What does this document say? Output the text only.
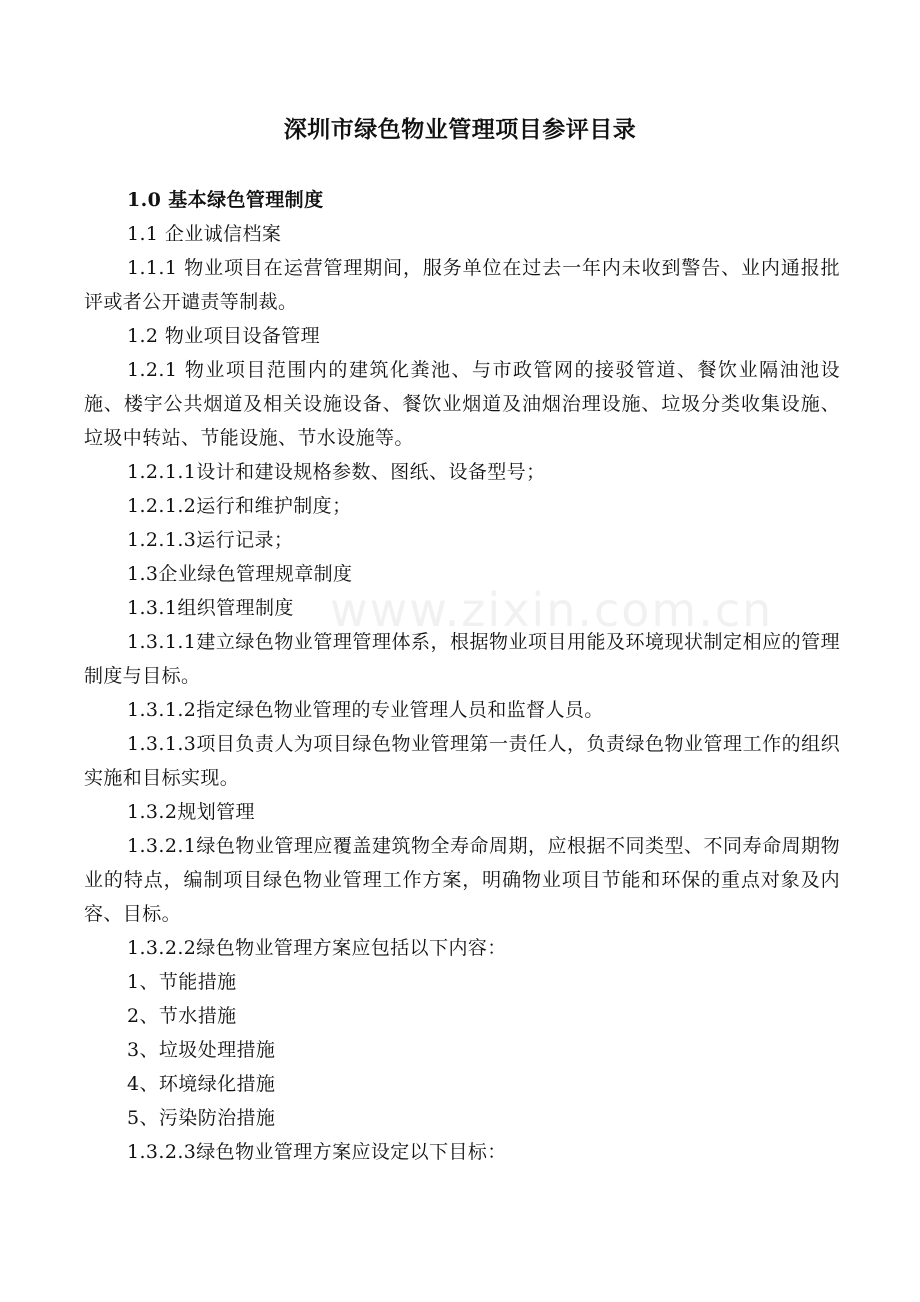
深圳市绿色物业管理项目参评目录
www.zixin.com.cn

1.0 基本绿色管理制度

1.1 企业诚信档案

1.1.1 物业项目在运营管理期间，服务单位在过去一年内未收到警告、业内通报批评或者公开谴责等制裁。

1.2 物业项目设备管理

1.2.1 物业项目范围内的建筑化粪池、与市政管网的接驳管道、餐饮业隔油池设施、楼宇公共烟道及相关设施设备、餐饮业烟道及油烟治理设施、垃圾分类收集设施、垃圾中转站、节能设施、节水设施等。

1.2.1.1设计和建设规格参数、图纸、设备型号；

1.2.1.2运行和维护制度；

1.2.1.3运行记录；

1.3企业绿色管理规章制度

1.3.1组织管理制度

1.3.1.1建立绿色物业管理管理体系，根据物业项目用能及环境现状制定相应的管理制度与目标。

1.3.1.2指定绿色物业管理的专业管理人员和监督人员。

1.3.1.3项目负责人为项目绿色物业管理第一责任人，负责绿色物业管理工作的组织实施和目标实现。

1.3.2规划管理

1.3.2.1绿色物业管理应覆盖建筑物全寿命周期，应根据不同类型、不同寿命周期物业的特点，编制项目绿色物业管理工作方案，明确物业项目节能和环保的重点对象及内容、目标。

1.3.2.2绿色物业管理方案应包括以下内容：

1、节能措施

2、节水措施

3、垃圾处理措施

4、环境绿化措施

5、污染防治措施

1.3.2.3绿色物业管理方案应设定以下目标：
